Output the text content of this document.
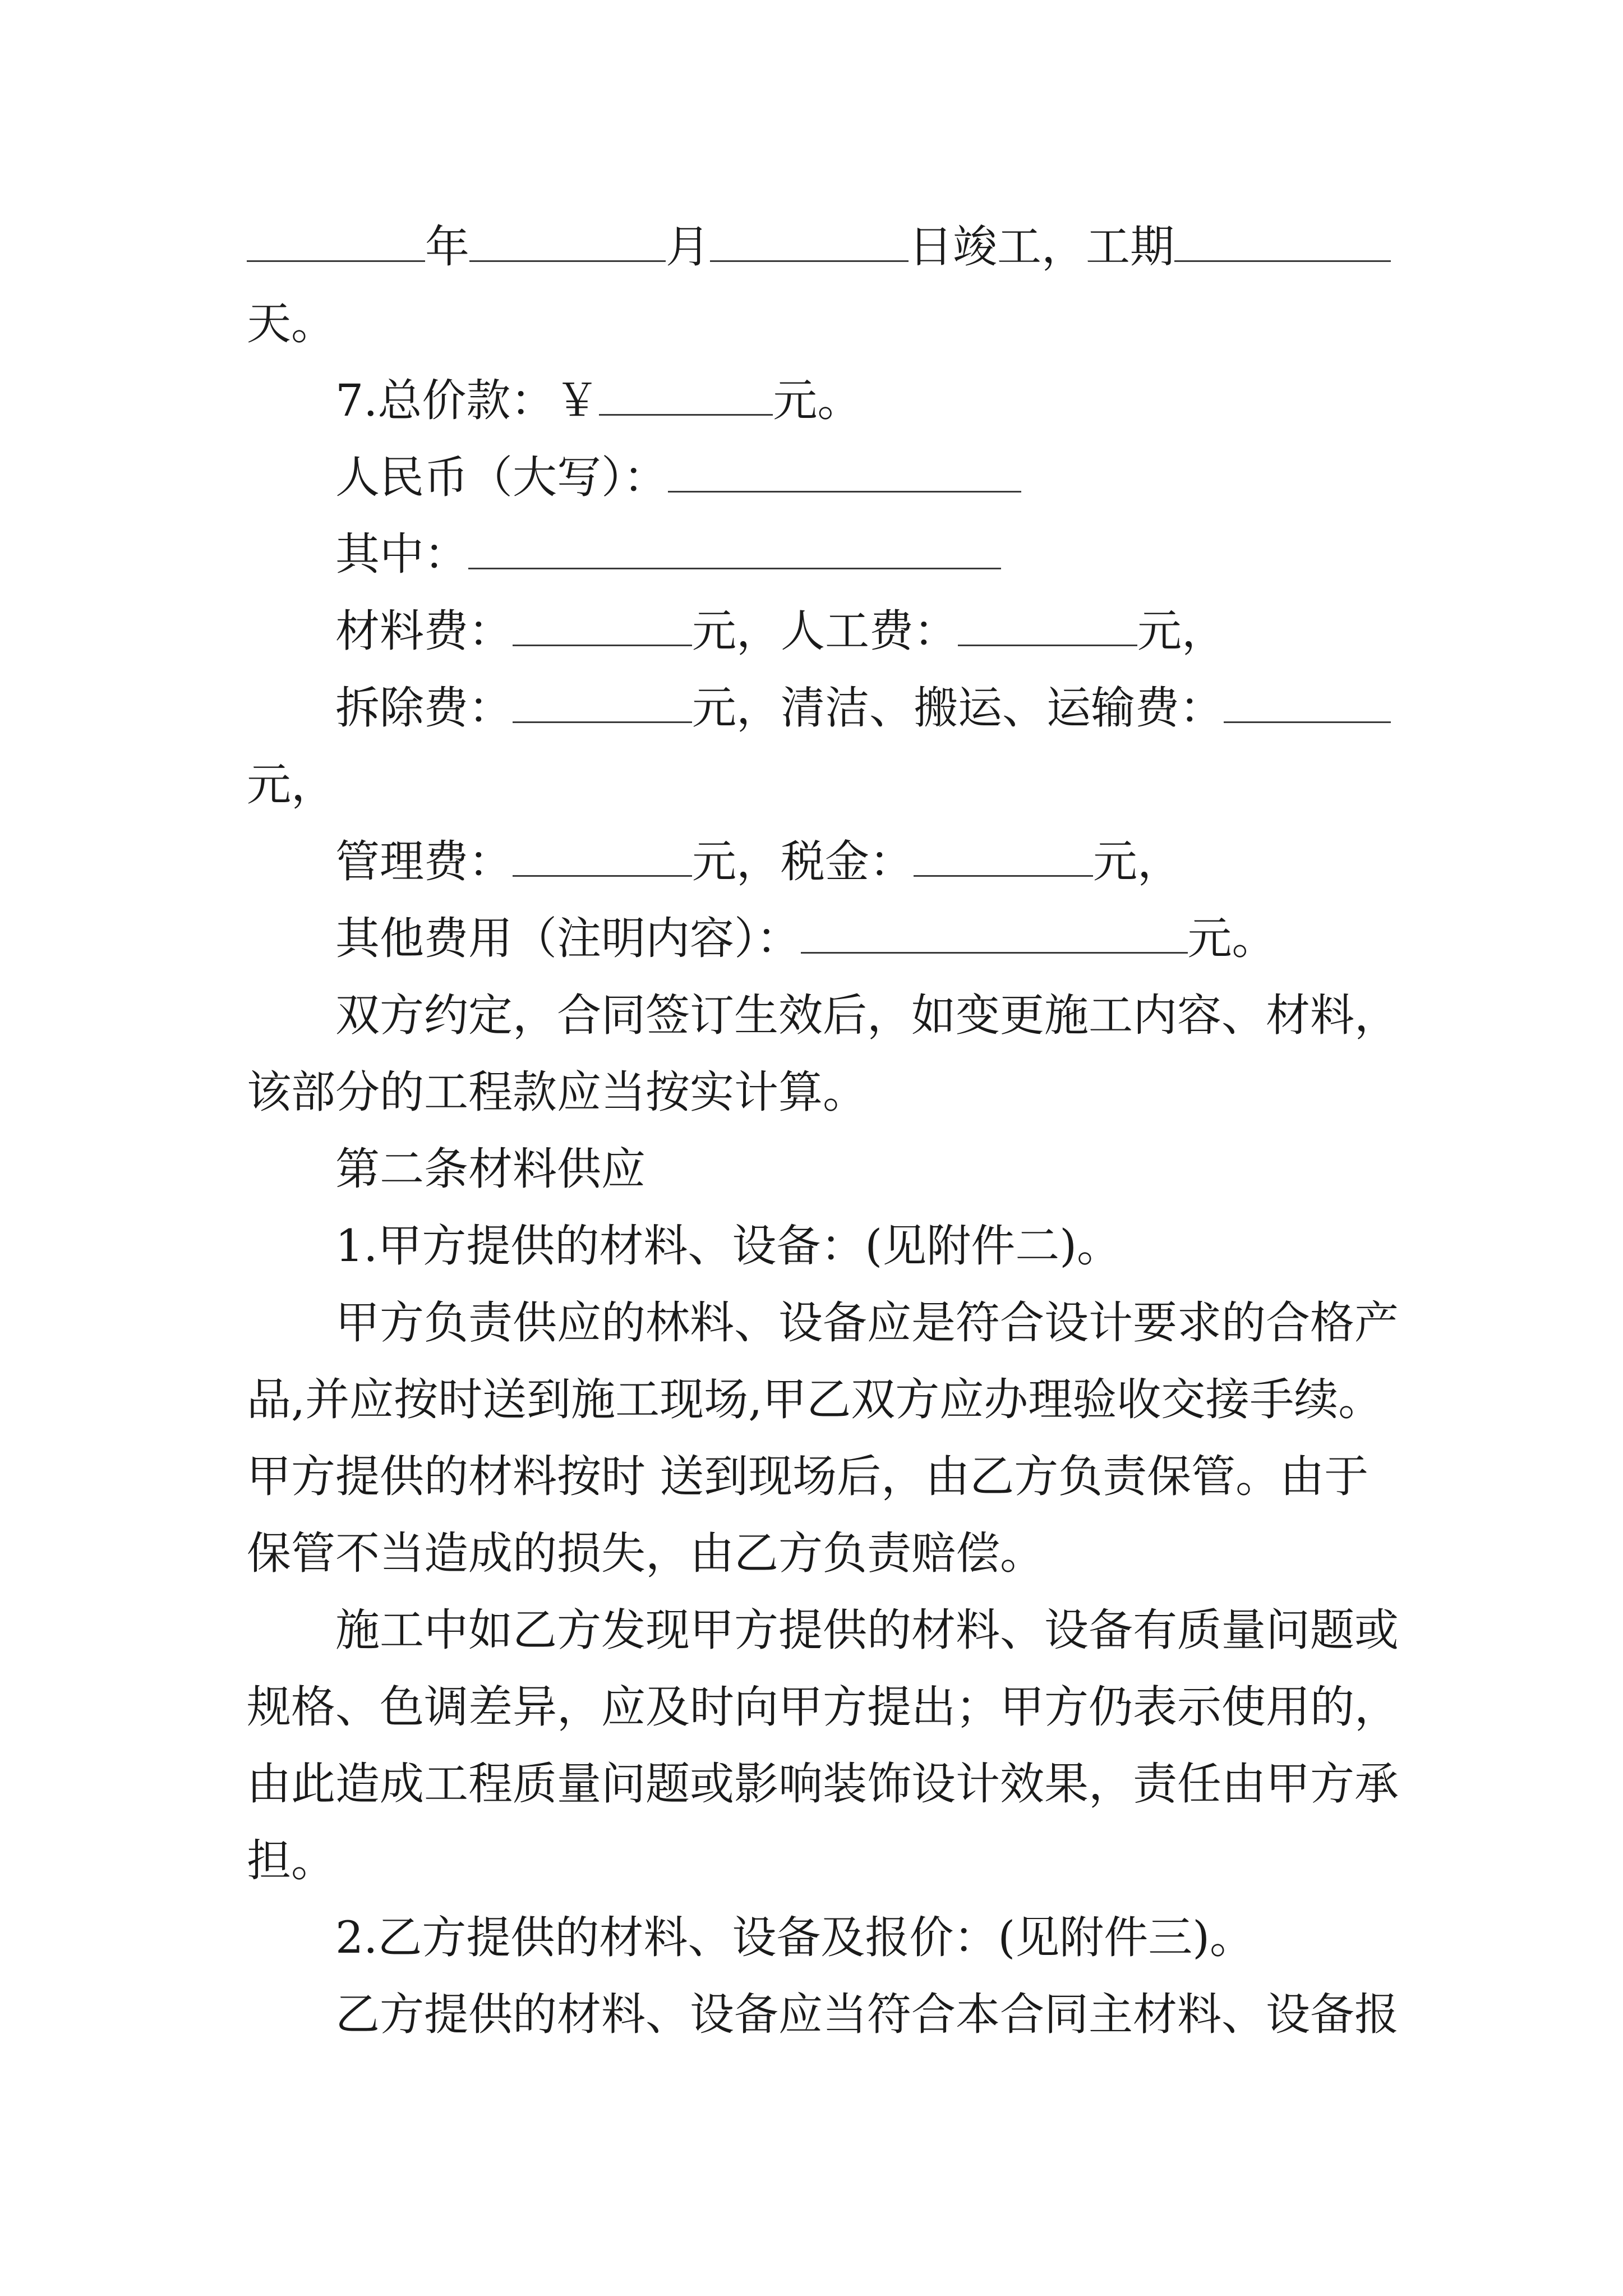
年	月	日竣工，工期
天。
7.总价款：￥	元。
人民币（大写）：
其中：
材料费：	元，人工费：	元，
拆除费：	元，清洁、搬运、运输费：
元，
管理费：	元，税金：	元，
其他费用（注明内容）：	元。
双方约定，合同签订生效后，如变更施工内容、材料，
该部分的工程款应当按实计算。
第二条材料供应
1.甲方提供的材料、设备：(见附件二)。
甲方负责供应的林料、设备应是符合设计要求的合格产
品,并应按时送到施工现场,甲乙双方应办理验收交接手续。
甲方提供的材料按时 送到现场后，由乙方负责保管。由于
保管不当造成的损失，由乙方负责赔偿。
施工中如乙方发现甲方提供的材料、设备有质量问题或
规格、色调差异，应及时向甲方提出；甲方仍表示使用的，
由此造成工程质量问题或影响装饰设计效果，责任由甲方承
担。
2.乙方提供的材料、设备及报价：(见附件三)。
乙方提供的材料、设备应当符合本合同主材料、设备报
